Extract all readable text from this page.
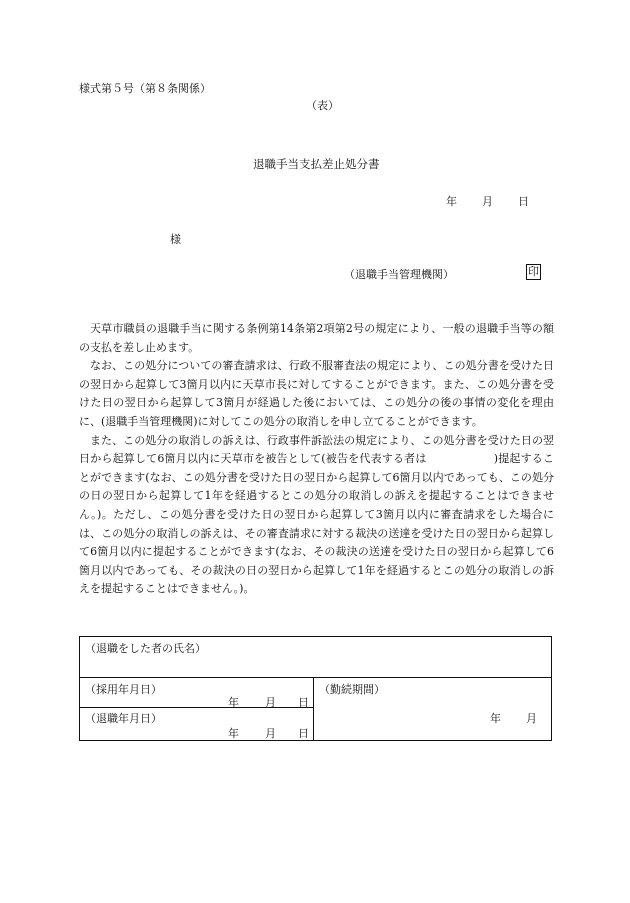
様式第５号（第８条関係）
（表）
退職手当支払差止処分書
年 月 日
様
（退職手当管理機関）	印

天草市職員の退職手当に関する条例第14条第2項第2号の規定により、一般の退職手当等の額の支払を差し止めます。

なお、この処分についての審査請求は、行政不服審査法の規定により、この処分書を受けた日の翌日から起算して3箇月以内に天草市長に対してすることができます。また、この処分書を受けた日の翌日から起算して3箇月が経過した後においては、この処分の後の事情の変化を理由に、(退職手当管理機関)に対してこの処分の取消しを申し立てることができます。

また、この処分の取消しの訴えは、行政事件訴訟法の規定により、この処分書を受けた日の翌日から起算して6箇月以内に天草市を被告として(被告を代表する者は　　　　　　)提起することができます(なお、この処分書を受けた日の翌日から起算して6箇月以内であっても、この処分の日の翌日から起算して1年を経過するとこの処分の取消しの訴えを提起することはできません。)。ただし、この処分書を受けた日の翌日から起算して3箇月以内に審査請求をした場合には、この処分の取消しの訴えは、その審査請求に対する裁決の送達を受けた日の翌日から起算して6箇月以内に提起することができます(なお、その裁決の送達を受けた日の翌日から起算して6箇月以内であっても、その裁決の日の翌日から起算して1年を経過するとこの処分の取消しの訴えを提起することはできません。)。

（退職をした者の氏名）
（採用年月日）
年 月 日
（退職年月日）
年 月 日
（勤続期間）
年 月
